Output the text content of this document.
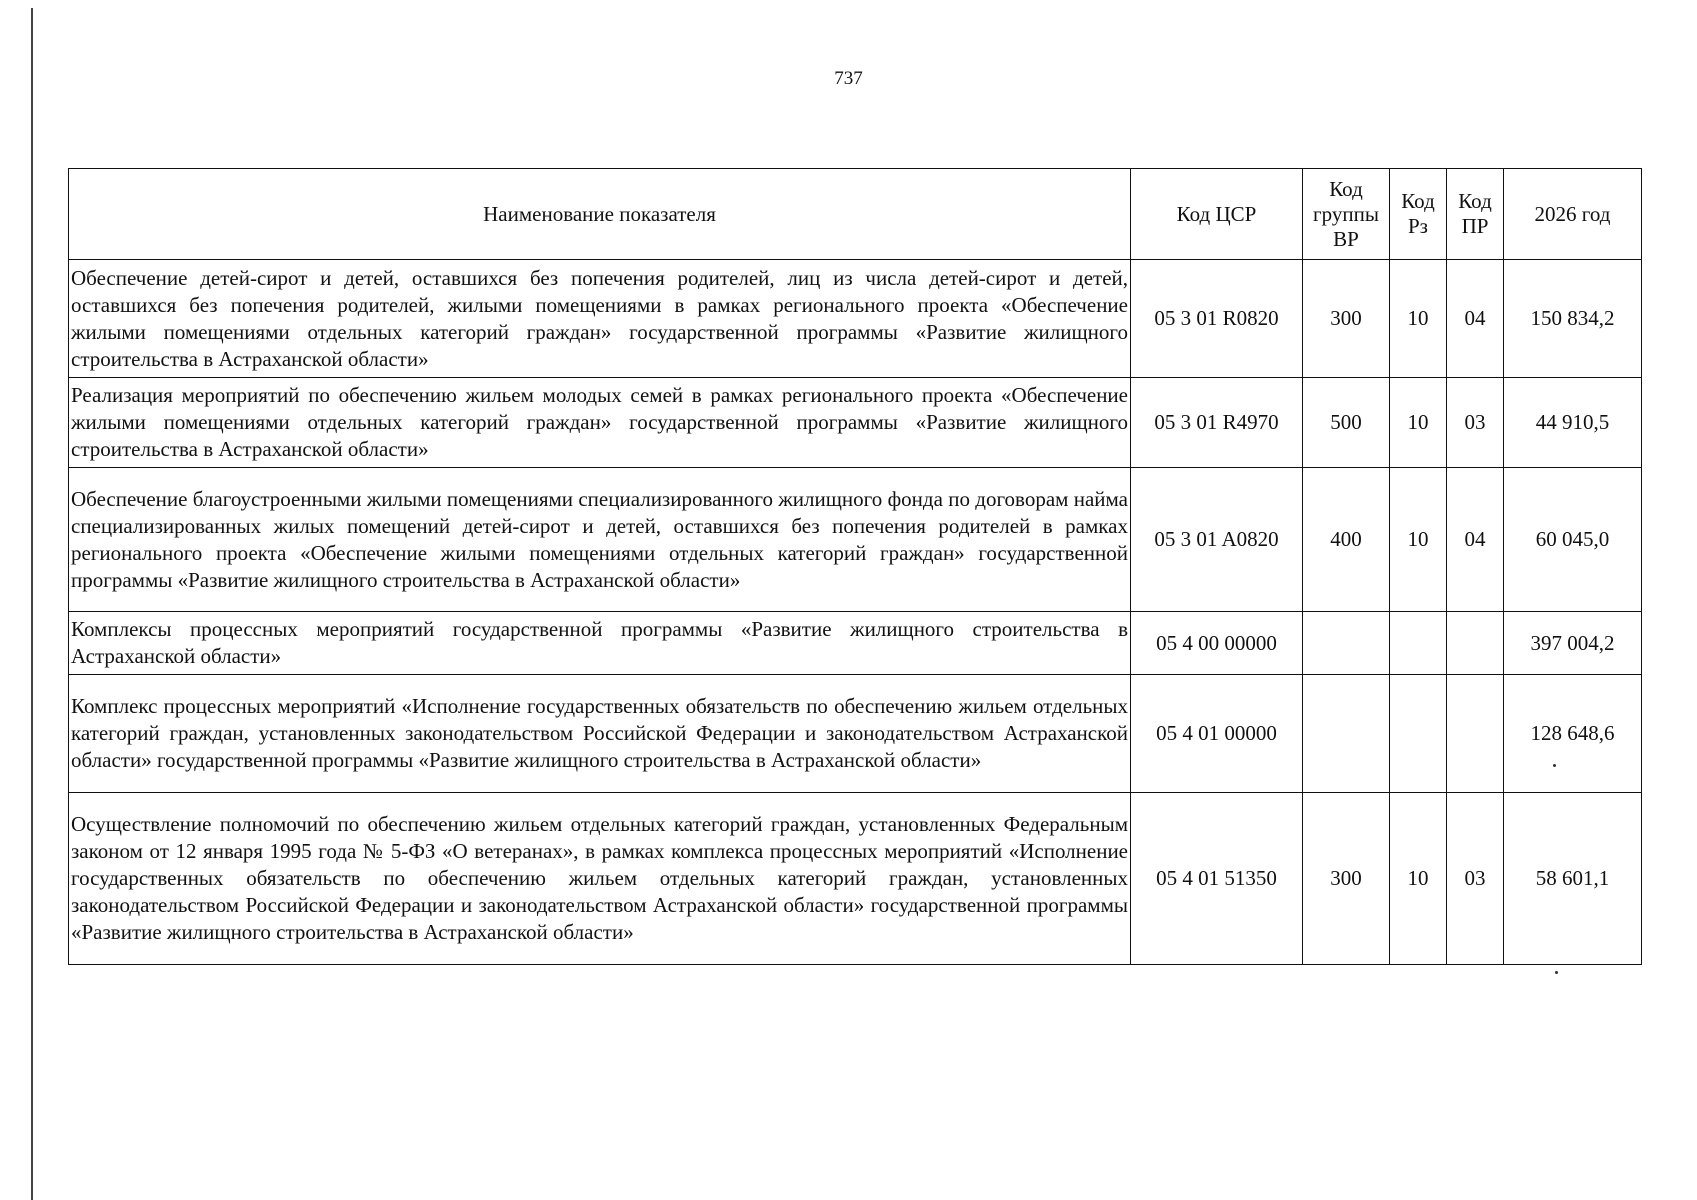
737
Наименование показателя	Код ЦСР	Код группы ВР	Код Рз	Код ПР	2026 год
Обеспечение детей-сирот и детей, оставшихся без попечения родителей, лиц из числа детей-сирот и детей, оставшихся без попечения родителей, жилыми помещениями в рамках регионального проекта «Обеспечение жилыми помещениями отдельных категорий граждан» государственной программы «Развитие жилищного строительства в Астраханской области»	05 3 01 R0820	300	10	04	150 834,2
Реализация мероприятий по обеспечению жильем молодых семей в рамках регионального проекта «Обеспечение жилыми помещениями отдельных категорий граждан» государственной программы «Развитие жилищного строительства в Астраханской области»	05 3 01 R4970	500	10	03	44 910,5
Обеспечение благоустроенными жилыми помещениями специализированного жилищного фонда по договорам найма специализированных жилых помещений детей-сирот и детей, оставшихся без попечения родителей в рамках регионального проекта «Обеспечение жилыми помещениями отдельных категорий граждан» государственной программы «Развитие жилищного строительства в Астраханской области»	05 3 01 A0820	400	10	04	60 045,0
Комплексы процессных мероприятий государственной программы «Развитие жилищного строительства в Астраханской области»	05 4 00 00000				397 004,2
Комплекс процессных мероприятий «Исполнение государственных обязательств по обеспечению жильем отдельных категорий граждан, установленных законодательством Российской Федерации и законодательством Астраханской области» государственной программы «Развитие жилищного строительства в Астраханской области»	05 4 01 00000				128 648,6
Осуществление полномочий по обеспечению жильем отдельных категорий граждан, установленных Федеральным законом от 12 января 1995 года № 5-ФЗ «О ветеранах», в рамках комплекса процессных мероприятий «Исполнение государственных обязательств по обеспечению жильем отдельных категорий граждан, установленных законодательством Российской Федерации и законодательством Астраханской области» государственной программы «Развитие жилищного строительства в Астраханской области»	05 4 01 51350	300	10	03	58 601,1
